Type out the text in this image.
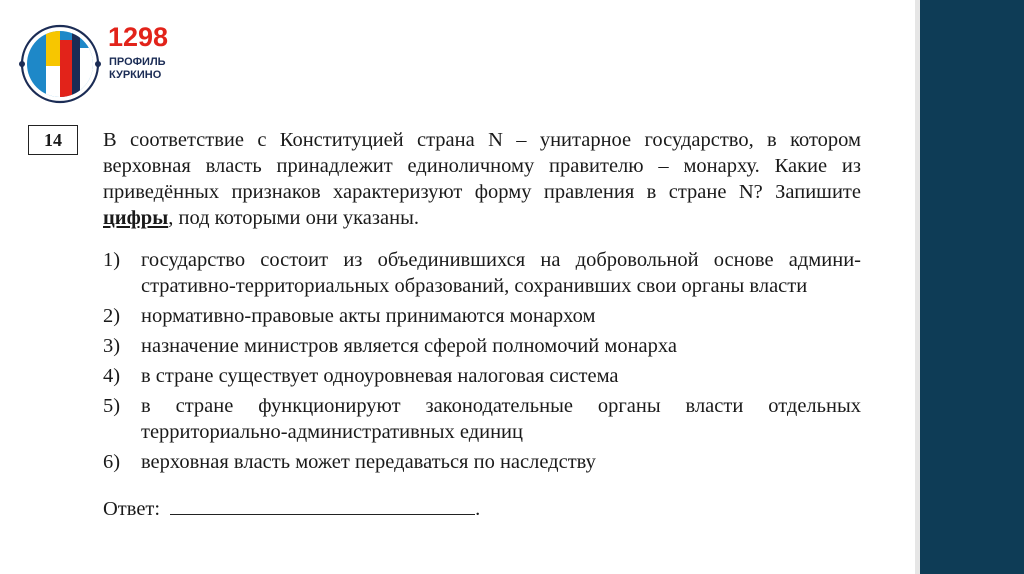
1298
ПРОФИЛЬ
КУРКИНО
14	В соответствие с Конституцией страна N – унитарное государство, в котором верховная власть принадлежит единоличному правителю – монарху. Какие из приведённых признаков характеризуют форму правления в стране N? Запишите цифры, под которыми они указаны.
1) государство состоит из объединившихся на добровольной основе админи-стративно-территориальных образований, сохранивших свои органы власти
2) нормативно-правовые акты принимаются монархом
3) назначение министров является сферой полномочий монарха
4) в стране существует одноуровневая налоговая система
5) в стране функционируют законодательные органы власти отдельных территориально-административных единиц
6) верховная власть может передаваться по наследству
Ответ:	.
